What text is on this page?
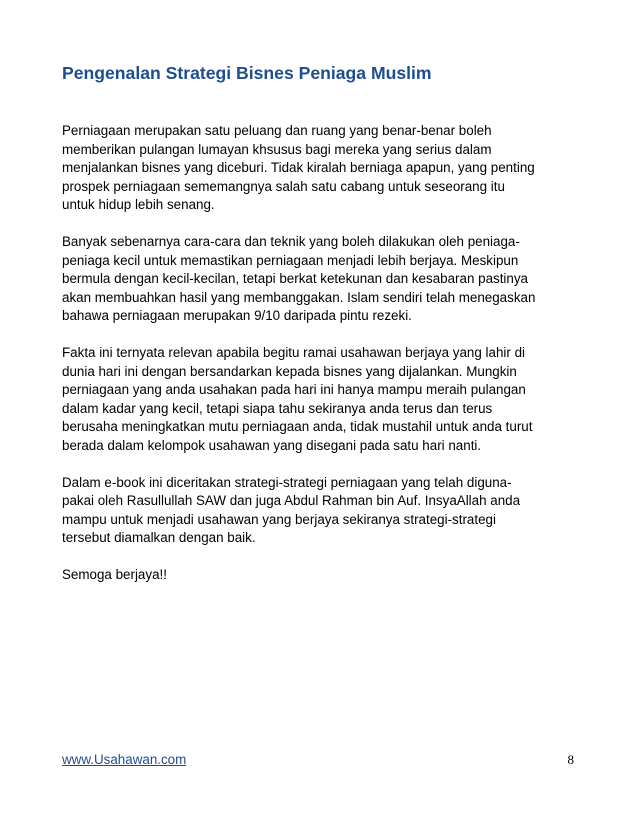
Pengenalan Strategi Bisnes Peniaga Muslim

Perniagaan merupakan satu peluang dan ruang yang benar-benar boleh
memberikan pulangan lumayan khsusus bagi mereka yang serius dalam
menjalankan bisnes yang diceburi. Tidak kiralah berniaga apapun, yang penting
prospek perniagaan sememangnya salah satu cabang untuk seseorang itu
untuk hidup lebih senang.

Banyak sebenarnya cara-cara dan teknik yang boleh dilakukan oleh peniaga-
peniaga kecil untuk memastikan perniagaan menjadi lebih berjaya. Meskipun
bermula dengan kecil-kecilan, tetapi berkat ketekunan dan kesabaran pastinya
akan membuahkan hasil yang membanggakan. Islam sendiri telah menegaskan
bahawa perniagaan merupakan 9/10 daripada pintu rezeki.

Fakta ini ternyata relevan apabila begitu ramai usahawan berjaya yang lahir di
dunia hari ini dengan bersandarkan kepada bisnes yang dijalankan. Mungkin
perniagaan yang anda usahakan pada hari ini hanya mampu meraih pulangan
dalam kadar yang kecil, tetapi siapa tahu sekiranya anda terus dan terus
berusaha meningkatkan mutu perniagaan anda, tidak mustahil untuk anda turut
berada dalam kelompok usahawan yang disegani pada satu hari nanti.

Dalam e-book ini diceritakan strategi-strategi perniagaan yang telah diguna-
pakai oleh Rasullullah SAW dan juga Abdul Rahman bin Auf. InsyaAllah anda
mampu untuk menjadi usahawan yang berjaya sekiranya strategi-strategi
tersebut diamalkan dengan baik.

Semoga berjaya!!

www.Usahawan.com	8
